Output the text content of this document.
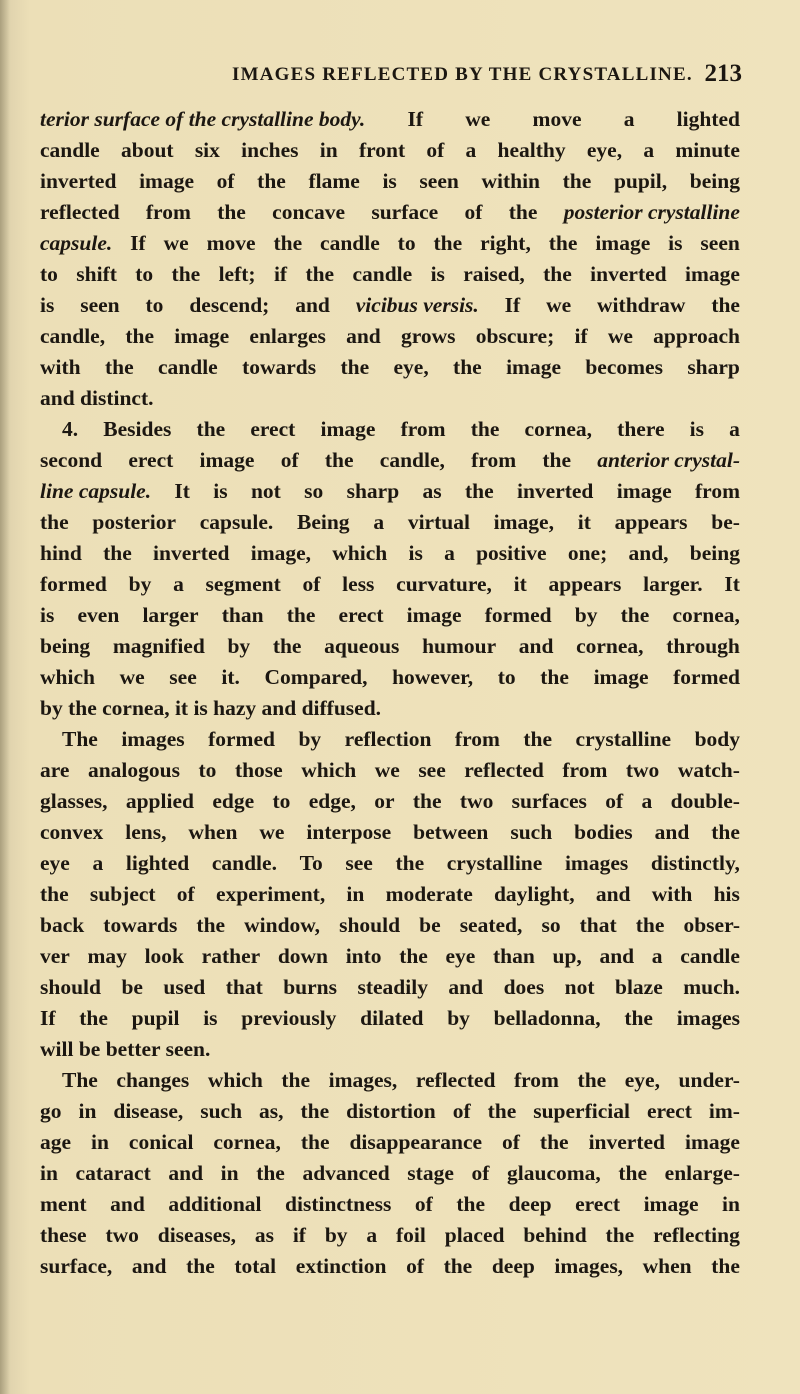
IMAGES REFLECTED BY THE CRYSTALLINE. 213
terior surface of the crystalline body. If we move a lighted
candle about six inches in front of a healthy eye, a minute
inverted image of the flame is seen within the pupil, being
reflected from the concave surface of the posterior crystalline
capsule. If we move the candle to the right, the image is seen
to shift to the left; if the candle is raised, the inverted image
is seen to descend; and vicibus versis. If we withdraw the
candle, the image enlarges and grows obscure; if we approach
with the candle towards the eye, the image becomes sharp
and distinct.
4. Besides the erect image from the cornea, there is a
second erect image of the candle, from the anterior crystal-
line capsule. It is not so sharp as the inverted image from
the posterior capsule. Being a virtual image, it appears be-
hind the inverted image, which is a positive one; and, being
formed by a segment of less curvature, it appears larger. It
is even larger than the erect image formed by the cornea,
being magnified by the aqueous humour and cornea, through
which we see it. Compared, however, to the image formed
by the cornea, it is hazy and diffused.
The images formed by reflection from the crystalline body
are analogous to those which we see reflected from two watch-
glasses, applied edge to edge, or the two surfaces of a double-
convex lens, when we interpose between such bodies and the
eye a lighted candle. To see the crystalline images distinctly,
the subject of experiment, in moderate daylight, and with his
back towards the window, should be seated, so that the obser-
ver may look rather down into the eye than up, and a candle
should be used that burns steadily and does not blaze much.
If the pupil is previously dilated by belladonna, the images
will be better seen.
The changes which the images, reflected from the eye, under-
go in disease, such as, the distortion of the superficial erect im-
age in conical cornea, the disappearance of the inverted image
in cataract and in the advanced stage of glaucoma, the enlarge-
ment and additional distinctness of the deep erect image in
these two diseases, as if by a foil placed behind the reflecting
surface, and the total extinction of the deep images, when the
